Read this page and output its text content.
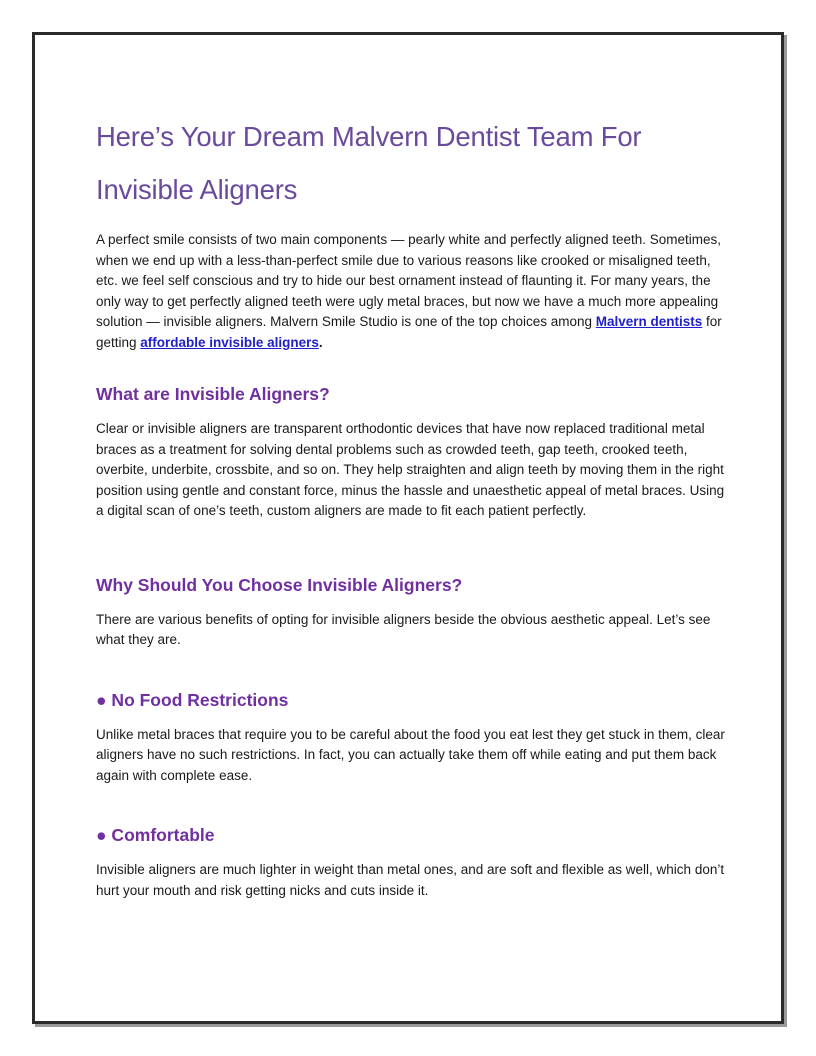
Here’s Your Dream Malvern Dentist Team For Invisible Aligners

A perfect smile consists of two main components — pearly white and perfectly aligned teeth. Sometimes, when we end up with a less-than-perfect smile due to various reasons like crooked or misaligned teeth, etc. we feel self conscious and try to hide our best ornament instead of flaunting it. For many years, the only way to get perfectly aligned teeth were ugly metal braces, but now we have a much more appealing solution — invisible aligners. Malvern Smile Studio is one of the top choices among Malvern dentists for getting affordable invisible aligners.

What are Invisible Aligners?

Clear or invisible aligners are transparent orthodontic devices that have now replaced traditional metal braces as a treatment for solving dental problems such as crowded teeth, gap teeth, crooked teeth, overbite, underbite, crossbite, and so on. They help straighten and align teeth by moving them in the right position using gentle and constant force, minus the hassle and unaesthetic appeal of metal braces. Using a digital scan of one’s teeth, custom aligners are made to fit each patient perfectly.

Why Should You Choose Invisible Aligners?

There are various benefits of opting for invisible aligners beside the obvious aesthetic appeal. Let’s see what they are.

● No Food Restrictions

Unlike metal braces that require you to be careful about the food you eat lest they get stuck in them, clear aligners have no such restrictions. In fact, you can actually take them off while eating and put them back again with complete ease.

● Comfortable

Invisible aligners are much lighter in weight than metal ones, and are soft and flexible as well, which don’t hurt your mouth and risk getting nicks and cuts inside it.
